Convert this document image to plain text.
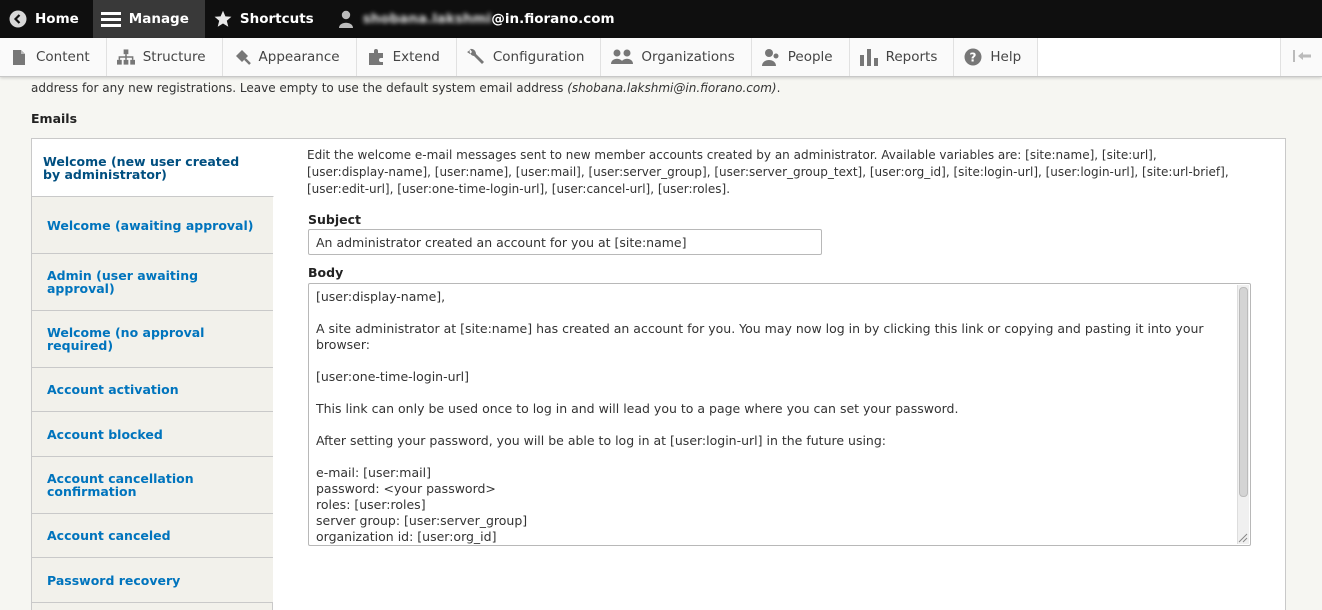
Home	Manage	Shortcuts	shobana.lakshmi @in.fiorano.com
Content	Structure	Appearance	Extend	Configuration	Organizations	People	Reports	? Help
address for any new registrations. Leave empty to use the default system email address (shobana.lakshmi@in.fiorano.com).
Emails
Welcome (new user created by administrator)
Welcome (awaiting approval)
Admin (user awaiting approval)
Welcome (no approval required)
Account activation
Account blocked
Account cancellation confirmation
Account canceled
Password recovery
Edit the welcome e-mail messages sent to new member accounts created by an administrator. Available variables are: [site:name], [site:url], [user:display-name], [user:name], [user:mail], [user:server_group], [user:server_group_text], [user:org_id], [site:login-url], [user:login-url], [site:url-brief], [user:edit-url], [user:one-time-login-url], [user:cancel-url], [user:roles].
Subject
An administrator created an account for you at [site:name]
Body

[user:display-name],

A site administrator at [site:name] has created an account for you. You may now log in by clicking this link or copying and pasting it into your browser:

[user:one-time-login-url]

This link can only be used once to log in and will lead you to a page where you can set your password.

After setting your password, you will be able to log in at [user:login-url] in the future using:

e-mail: [user:mail]

password: <your password>

roles: [user:roles]

server group: [user:server_group]

organization id: [user:org_id]
